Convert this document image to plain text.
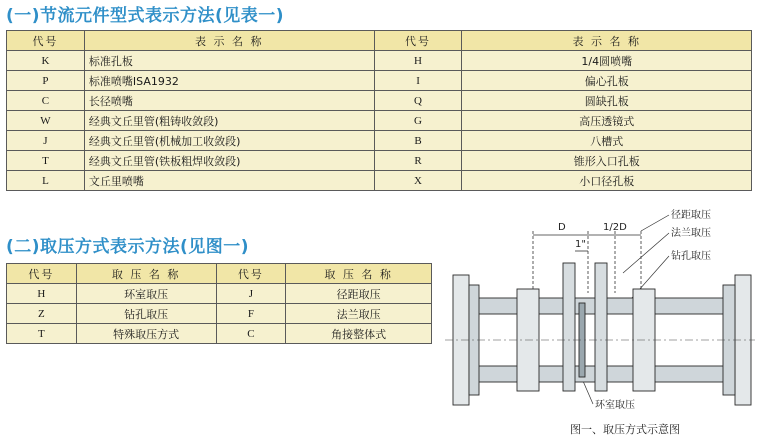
(一)节流元件型式表示方法(见表一)
代号	表 示 名 称	代号	表 示 名 称
K	标准孔板	H	1/4圆喷嘴
P	标准喷嘴ISA1932	I	偏心孔板
C	长径喷嘴	Q	圆缺孔板
W	经典文丘里管(粗铸收敛段)	G	高压透镜式
J	经典文丘里管(机械加工收敛段)	B	八槽式
T	经典文丘里管(铁板粗焊收敛段)	R	锥形入口孔板
L	文丘里喷嘴	X	小口径孔板
(二)取压方式表示方法(见图一)
代号	取 压 名 称	代号	取 压 名 称
H	环室取压	J	径距取压
Z	钻孔取压	F	法兰取压
T	特殊取压方式	C	角接整体式
D	1/2D
1"
径距取压
法兰取压
钻孔取压
环室取压
图一、取压方式示意图
